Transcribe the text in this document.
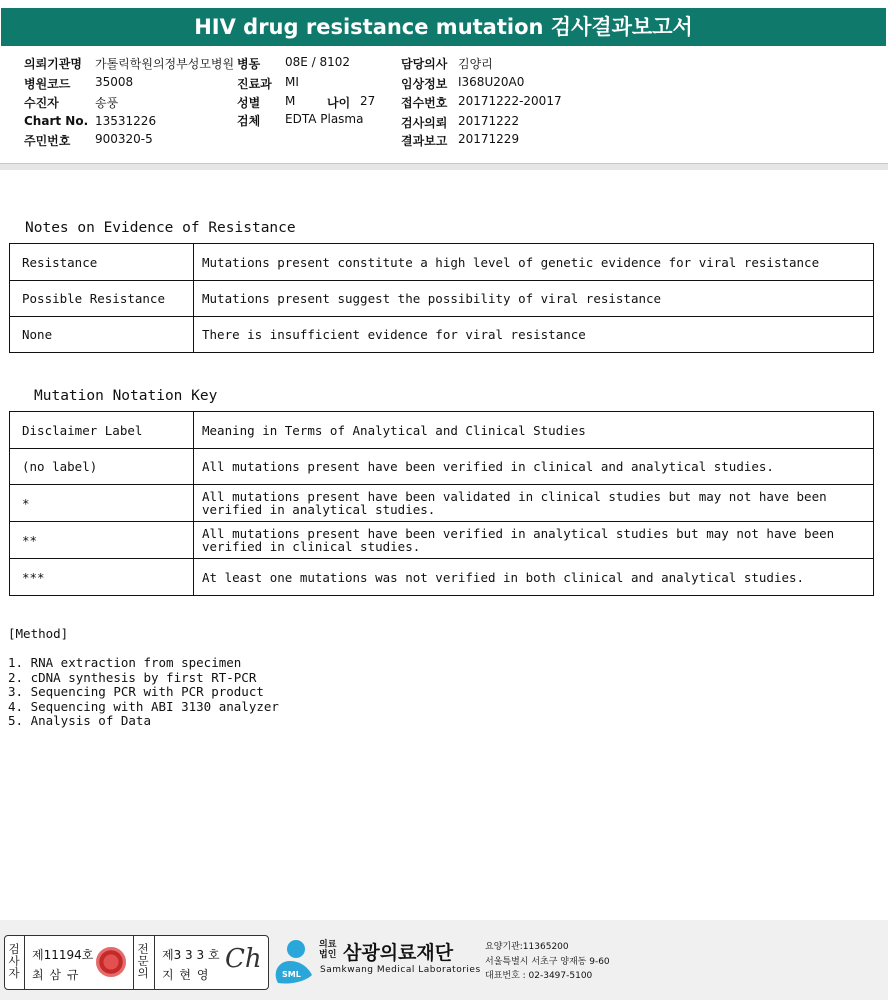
HIV drug resistance mutation 검사결과보고서
의뢰기관명 가톨릭학원의정부성모병원
병원코드 35008
수진자	송풍
Chart No. 13531226
주민번호 900320-5
병동 08E / 8102
진료과 MI
성별 M	나이 27
검체 EDTA Plasma
담당의사 김양리
임상정보 I368U20A0
접수번호 20171222-20017
검사의뢰 20171222
결과보고 20171229
Notes on Evidence of Resistance
Resistance	Mutations present constitute a high level of genetic evidence for viral resistance
Possible Resistance	Mutations present suggest the possibility of viral resistance
None	There is insufficient evidence for viral resistance
Mutation Notation Key
Disclaimer Label	Meaning in Terms of Analytical and Clinical Studies
(no label)	All mutations present have been verified in clinical and analytical studies.
*	All mutations present have been validated in clinical studies but may not have been verified in analytical studies.
**	All mutations present have been verified in analytical studies but may not have been verified in clinical studies.
***	At least one mutations was not verified in both clinical and analytical studies.
[Method]
1. RNA extraction from specimen
2. cDNA synthesis by first RT-PCR
3. Sequencing PCR with PCR product
4. Sequencing with ABI 3130 analyzer
5. Analysis of Data
검
사
자
제11194호
최 삼 규
전
문
의
제3 3 3 호
지 현 영
Ch
SML
의료
법인 삼광의료재단
Samkwang Medical Laboratories
요양기관:11365200
서울특별시 서초구 양재동 9-60
대표번호 : 02-3497-5100
